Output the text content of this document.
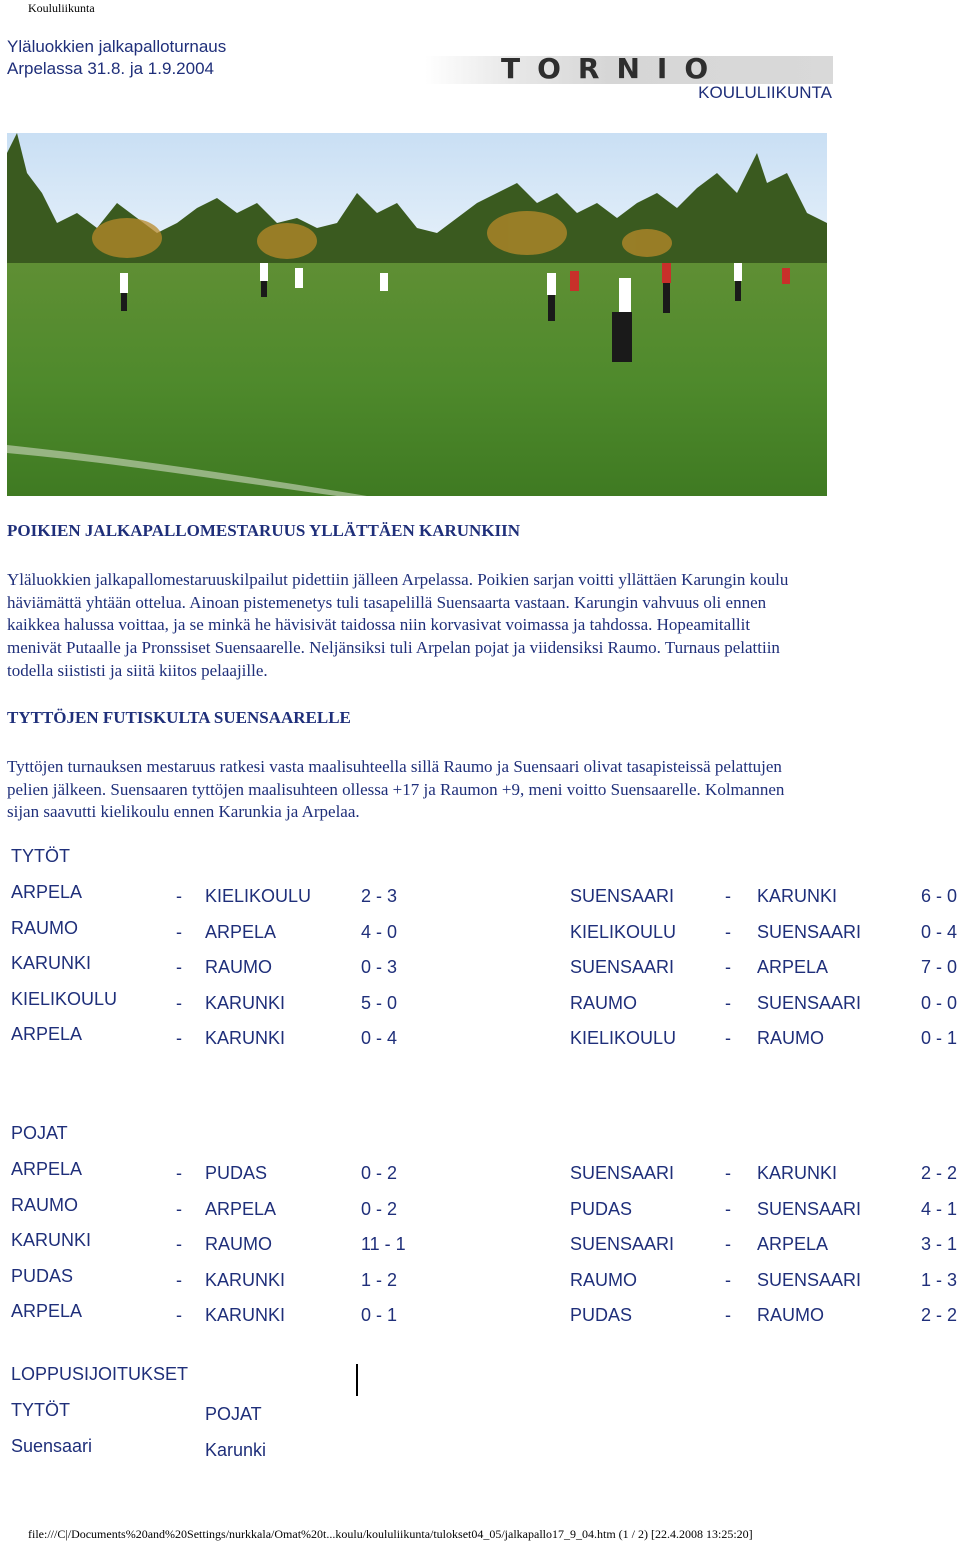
Koululiikunta
Yläluokkien jalkapalloturnaus
Arpelassa 31.8. ja 1.9.2004	TORNIO
KOULULIIKUNTA
POIKIEN JALKAPALLOMESTARUUS YLLÄTTÄEN KARUNKIIN
Yläluokkien jalkapallomestaruuskilpailut pidettiin jälleen Arpelassa. Poikien sarjan voitti yllättäen Karungin koulu häviämättä yhtään ottelua. Ainoan pistemenetys tuli tasapelillä Suensaarta vastaan. Karungin vahvuus oli ennen kaikkea halussa voittaa, ja se minkä he hävisivät taidossa niin korvasivat voimassa ja tahdossa. Hopeamitallit menivät Putaalle ja Pronssiset Suensaarelle. Neljänsiksi tuli Arpelan pojat ja viidensiksi Raumo. Turnaus pelattiin todella siististi ja siitä kiitos pelaajille.
TYTTÖJEN FUTISKULTA SUENSAARELLE
Tyttöjen turnauksen mestaruus ratkesi vasta maalisuhteella sillä Raumo ja Suensaari olivat tasapisteissä pelattujen pelien jälkeen. Suensaaren tyttöjen maalisuhteen ollessa +17 ja Raumon +9, meni voitto Suensaarelle. Kolmannen sijan saavutti kielikoulu ennen Karunkia ja Arpelaa.
TYTÖT
ARPELA	- KIELIKOULU	2 - 3	SUENSAARI	- KARUNKI	6 - 0
RAUMO	- ARPELA	4 - 0	KIELIKOULU	- SUENSAARI	0 - 4
KARUNKI	- RAUMO	0 - 3	SUENSAARI	- ARPELA	7 - 0
KIELIKOULU	- KARUNKI	5 - 0	RAUMO	- SUENSAARI	0 - 0
ARPELA	- KARUNKI	0 - 4	KIELIKOULU	- RAUMO	0 - 1
POJAT
ARPELA	- PUDAS	0 - 2	SUENSAARI	- KARUNKI	2 - 2
RAUMO	- ARPELA	0 - 2	PUDAS	- SUENSAARI	4 - 1
KARUNKI	- RAUMO	11 - 1	SUENSAARI	- ARPELA	3 - 1
PUDAS	- KARUNKI	1 - 2	RAUMO	- SUENSAARI	1 - 3
ARPELA	- KARUNKI	0 - 1	PUDAS	- RAUMO	2 - 2
LOPPUSIJOITUKSET
TYTÖT	POJAT
Suensaari	Karunki
file:///C|/Documents%20and%20Settings/nurkkala/Omat%20t...koulu/koululiikunta/tulokset04_05/jalkapallo17_9_04.htm (1 / 2) [22.4.2008 13:25:20]
